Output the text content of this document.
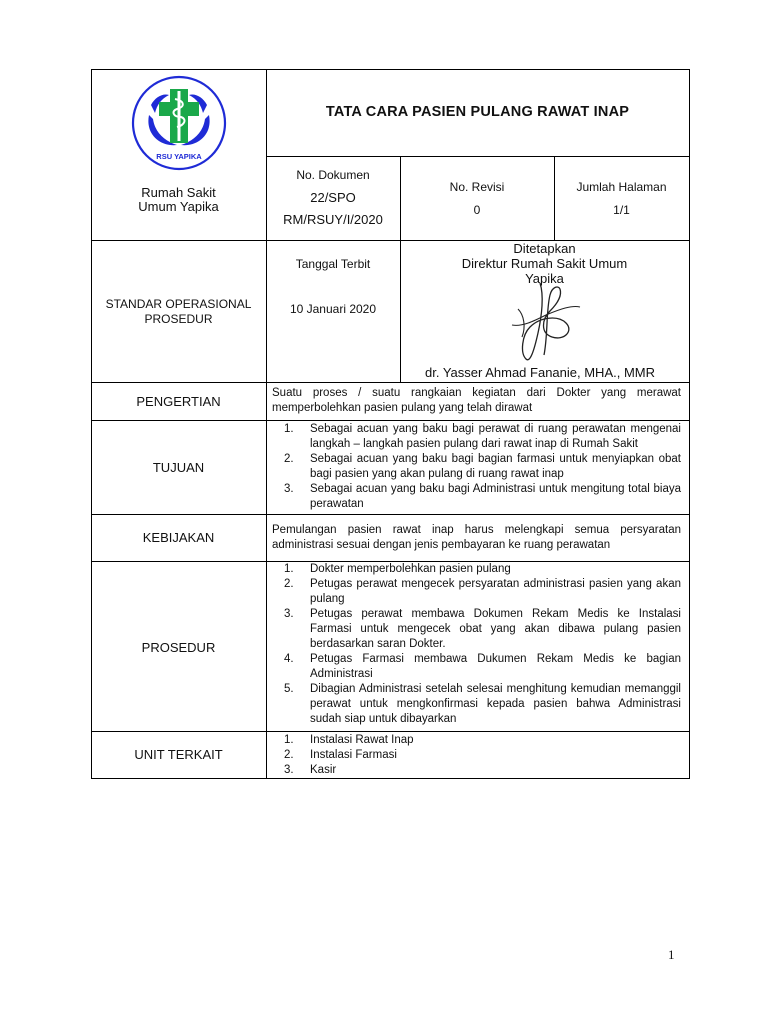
RSU YAPIKA
Rumah Sakit
Umum Yapika
TATA CARA PASIEN PULANG RAWAT INAP
No. Dokumen
22/SPO
RM/RSUY/I/2020
No. Revisi
0
Jumlah Halaman
1/1
STANDAR OPERASIONAL
PROSEDUR
Tanggal Terbit
10 Januari 2020
Ditetapkan
Direktur Rumah Sakit Umum
Yapika
dr. Yasser Ahmad Fananie, MHA., MMR
PENGERTIAN
Suatu proses / suatu rangkaian kegiatan dari Dokter yang merawat memperbolehkan pasien pulang yang telah dirawat
TUJUAN
1. Sebagai acuan yang baku bagi perawat di ruang perawatan mengenai langkah – langkah pasien pulang dari rawat inap di Rumah Sakit
2. Sebagai acuan yang baku bagi bagian farmasi untuk menyiapkan obat bagi pasien yang akan pulang di ruang rawat inap
3. Sebagai acuan yang baku bagi Administrasi untuk mengitung total biaya perawatan
KEBIJAKAN	Pemulangan pasien rawat inap harus melengkapi semua persyaratan administrasi sesuai dengan jenis pembayaran ke ruang perawatan
PROSEDUR
1. Dokter memperbolehkan pasien pulang
2. Petugas perawat mengecek persyaratan administrasi pasien yang akan pulang
3. Petugas perawat membawa Dokumen Rekam Medis ke Instalasi Farmasi untuk mengecek obat yang akan dibawa pulang pasien berdasarkan saran Dokter.
4. Petugas Farmasi membawa Dukumen Rekam Medis ke bagian Administrasi
5. Dibagian Administrasi setelah selesai menghitung kemudian memanggil perawat untuk mengkonfirmasi kepada pasien bahwa Administrasi sudah siap untuk dibayarkan
UNIT TERKAIT
1. Instalasi Rawat Inap
2. Instalasi Farmasi
3. Kasir
1
